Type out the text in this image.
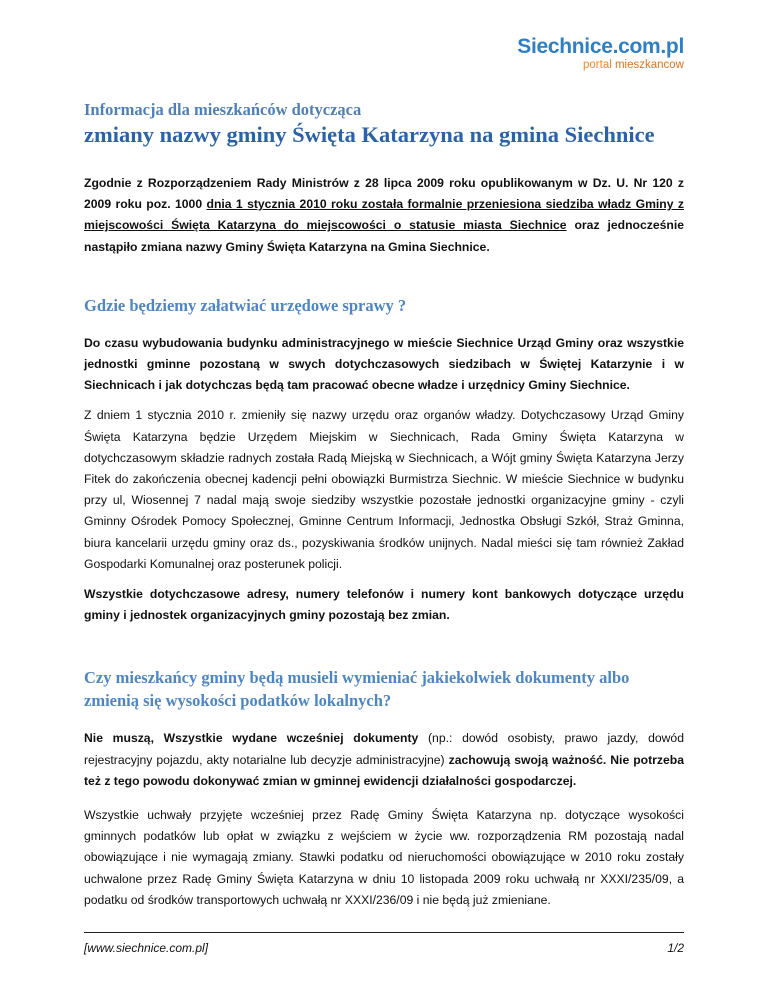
Siechnice.com.pl
portal mieszkancow
Informacja dla mieszkańców dotycząca
zmiany nazwy gminy Święta Katarzyna na gmina Siechnice

Zgodnie z Rozporządzeniem Rady Ministrów z 28 lipca 2009 roku opublikowanym w Dz. U. Nr 120 z 2009 roku poz. 1000 dnia 1 stycznia 2010 roku została formalnie przeniesiona siedziba władz Gminy z miejscowości Święta Katarzyna do miejscowości o statusie miasta Siechnice oraz jednocześnie nastąpiło zmiana nazwy Gminy Święta Katarzyna na Gmina Siechnice.

Gdzie będziemy załatwiać urzędowe sprawy ?

Do czasu wybudowania budynku administracyjnego w mieście Siechnice Urząd Gminy oraz wszystkie jednostki gminne pozostaną w swych dotychczasowych siedzibach w Świętej Katarzynie i w Siechnicach i jak dotychczas będą tam pracować obecne władze i urzędnicy Gminy Siechnice.

Z dniem 1 stycznia 2010 r. zmieniły się nazwy urzędu oraz organów władzy. Dotychczasowy Urząd Gminy Święta Katarzyna będzie Urzędem Miejskim w Siechnicach, Rada Gminy Święta Katarzyna w dotychczasowym składzie radnych została Radą Miejską w Siechnicach, a Wójt gminy Święta Katarzyna Jerzy Fitek do zakończenia obecnej kadencji pełni obowiązki Burmistrza Siechnic. W mieście Siechnice w budynku przy ul, Wiosennej 7 nadal mają swoje siedziby wszystkie pozostałe jednostki organizacyjne gminy - czyli Gminny Ośrodek Pomocy Społecznej, Gminne Centrum Informacji, Jednostka Obsługi Szkół, Straż Gminna, biura kancelarii urzędu gminy oraz ds., pozyskiwania środków unijnych. Nadal mieści się tam również Zakład Gospodarki Komunalnej oraz posterunek policji.

Wszystkie dotychczasowe adresy, numery telefonów i numery kont bankowych dotyczące urzędu gminy i jednostek organizacyjnych gminy pozostają bez zmian.

Czy mieszkańcy gminy będą musieli wymieniać jakiekolwiek dokumenty albo zmienią się wysokości podatków lokalnych?

Nie muszą, Wszystkie wydane wcześniej dokumenty (np.: dowód osobisty, prawo jazdy, dowód rejestracyjny pojazdu, akty notarialne lub decyzje administracyjne) zachowują swoją ważność. Nie potrzeba też z tego powodu dokonywać zmian w gminnej ewidencji działalności gospodarczej.

Wszystkie uchwały przyjęte wcześniej przez Radę Gminy Święta Katarzyna np. dotyczące wysokości gminnych podatków lub opłat w związku z wejściem w życie ww. rozporządzenia RM pozostają nadal obowiązujące i nie wymagają zmiany. Stawki podatku od nieruchomości obowiązujące w 2010 roku zostały uchwalone przez Radę Gminy Święta Katarzyna w dniu 10 listopada 2009 roku uchwałą nr XXXI/235/09, a podatku od środków transportowych uchwałą nr XXXI/236/09 i nie będą już zmieniane.

[www.siechnice.com.pl]	1/2
